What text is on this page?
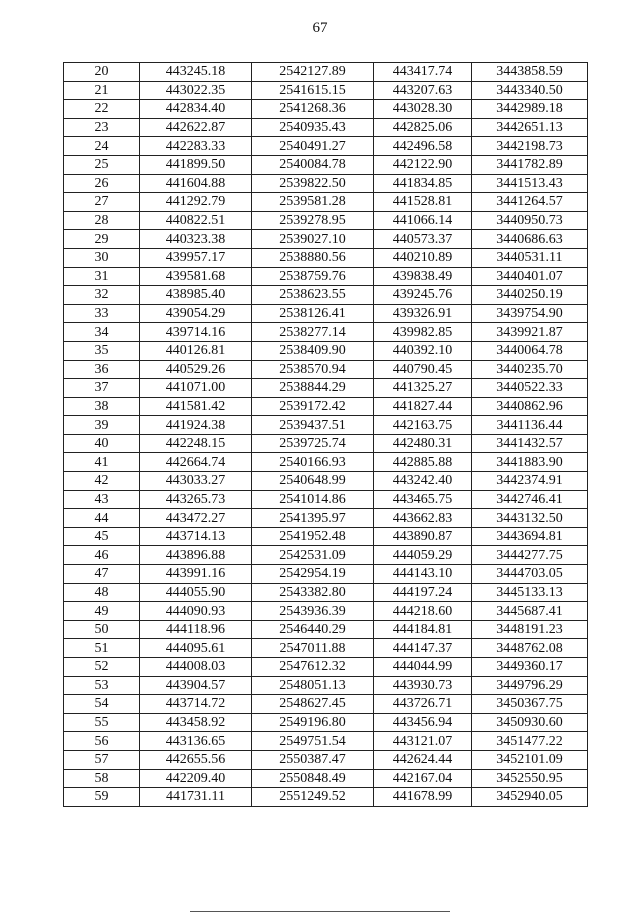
67
20	443245.18	2542127.89	443417.74	3443858.59
21	443022.35	2541615.15	443207.63	3443340.50
22	442834.40	2541268.36	443028.30	3442989.18
23	442622.87	2540935.43	442825.06	3442651.13
24	442283.33	2540491.27	442496.58	3442198.73
25	441899.50	2540084.78	442122.90	3441782.89
26	441604.88	2539822.50	441834.85	3441513.43
27	441292.79	2539581.28	441528.81	3441264.57
28	440822.51	2539278.95	441066.14	3440950.73
29	440323.38	2539027.10	440573.37	3440686.63
30	439957.17	2538880.56	440210.89	3440531.11
31	439581.68	2538759.76	439838.49	3440401.07
32	438985.40	2538623.55	439245.76	3440250.19
33	439054.29	2538126.41	439326.91	3439754.90
34	439714.16	2538277.14	439982.85	3439921.87
35	440126.81	2538409.90	440392.10	3440064.78
36	440529.26	2538570.94	440790.45	3440235.70
37	441071.00	2538844.29	441325.27	3440522.33
38	441581.42	2539172.42	441827.44	3440862.96
39	441924.38	2539437.51	442163.75	3441136.44
40	442248.15	2539725.74	442480.31	3441432.57
41	442664.74	2540166.93	442885.88	3441883.90
42	443033.27	2540648.99	443242.40	3442374.91
43	443265.73	2541014.86	443465.75	3442746.41
44	443472.27	2541395.97	443662.83	3443132.50
45	443714.13	2541952.48	443890.87	3443694.81
46	443896.88	2542531.09	444059.29	3444277.75
47	443991.16	2542954.19	444143.10	3444703.05
48	444055.90	2543382.80	444197.24	3445133.13
49	444090.93	2543936.39	444218.60	3445687.41
50	444118.96	2546440.29	444184.81	3448191.23
51	444095.61	2547011.88	444147.37	3448762.08
52	444008.03	2547612.32	444044.99	3449360.17
53	443904.57	2548051.13	443930.73	3449796.29
54	443714.72	2548627.45	443726.71	3450367.75
55	443458.92	2549196.80	443456.94	3450930.60
56	443136.65	2549751.54	443121.07	3451477.22
57	442655.56	2550387.47	442624.44	3452101.09
58	442209.40	2550848.49	442167.04	3452550.95
59	441731.11	2551249.52	441678.99	3452940.05
